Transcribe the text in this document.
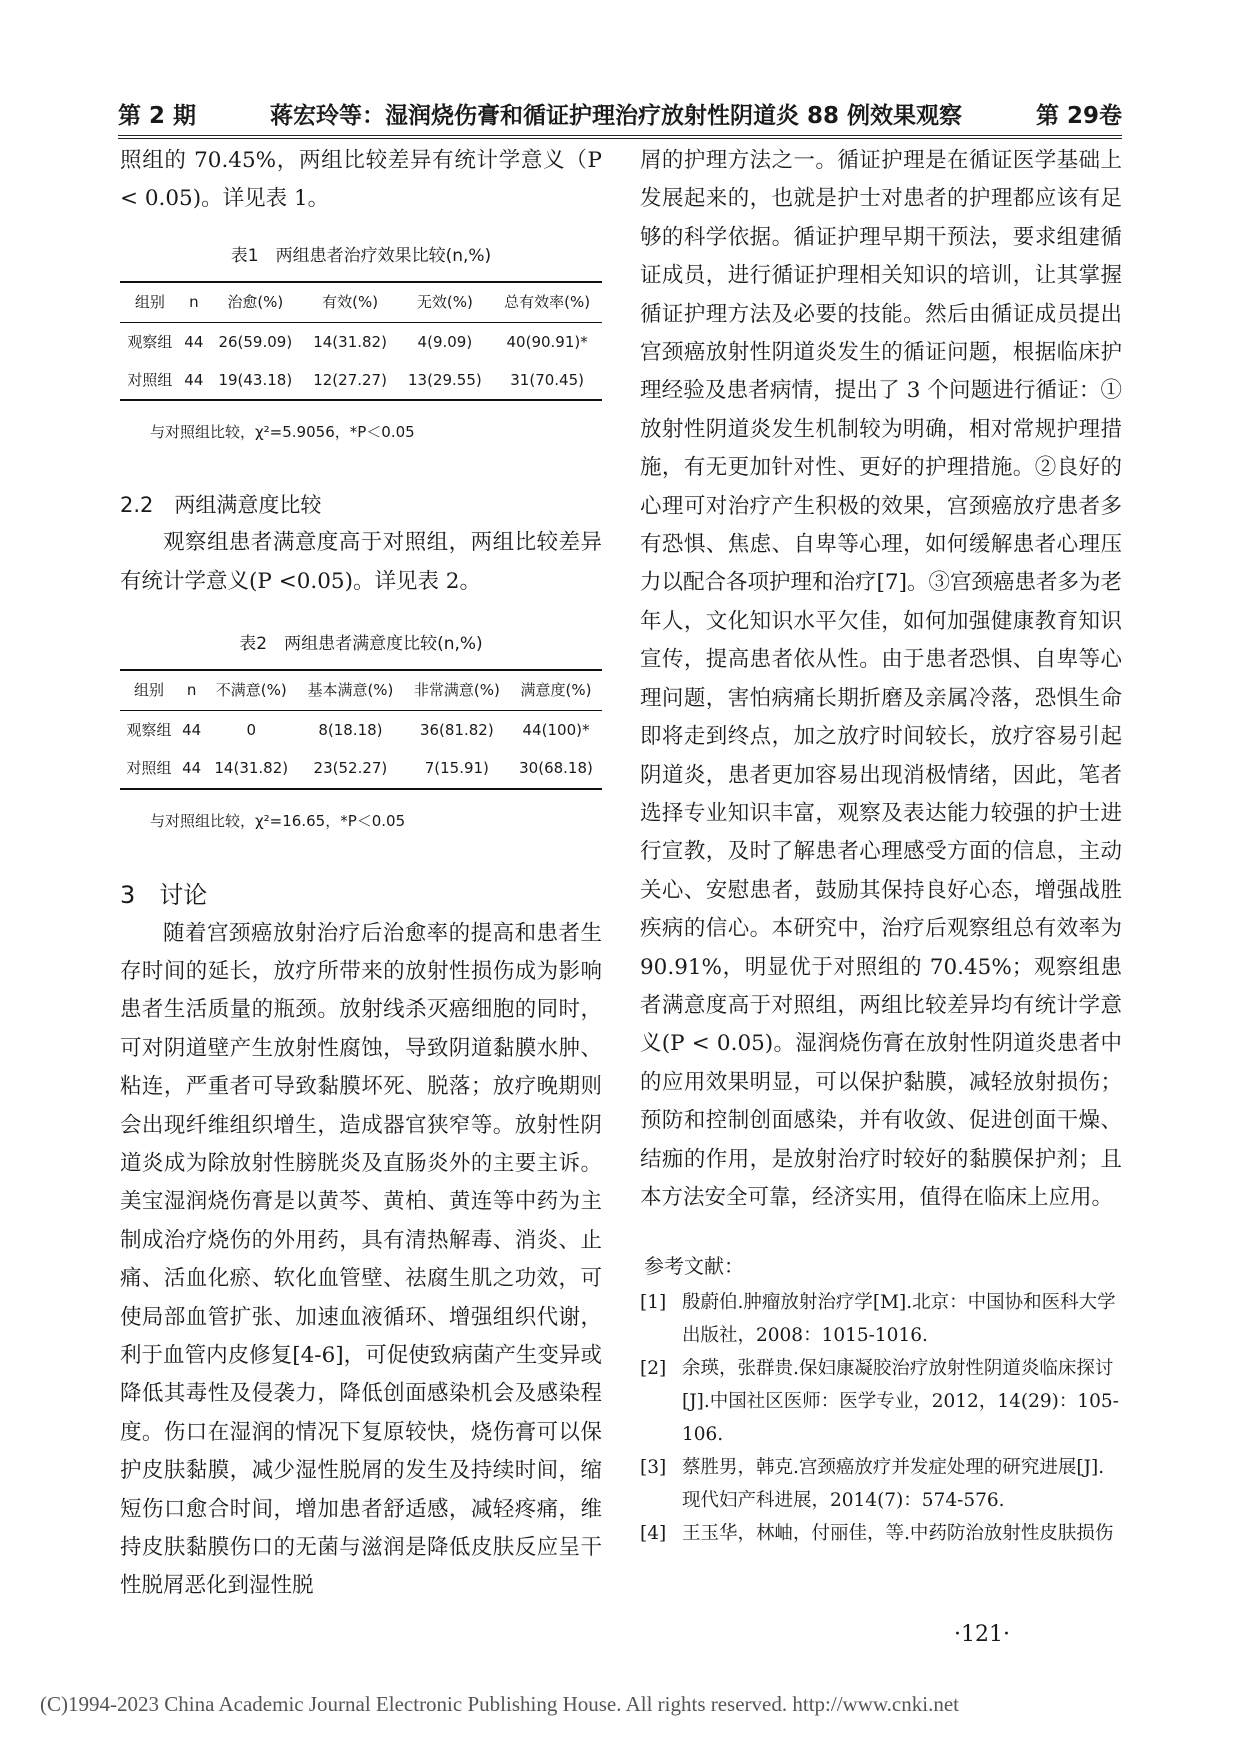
第 2 期	蒋宏玲等：湿润烧伤膏和循证护理治疗放射性阴道炎 88 例效果观察	第 29卷

照组的 70.45%，两组比较差异有统计学意义（P < 0.05)。详见表 1。

表1　两组患者治疗效果比较(n,%)
组别	n	治愈(%)	有效(%)	无效(%)	总有效率(%)
观察组	44	26(59.09)	14(31.82)	4(9.09)	40(90.91)*
对照组	44	19(43.18)	12(27.27)	13(29.55)	31(70.45)
与对照组比较，χ²=5.9056，*P＜0.05
2.2　两组满意度比较

观察组患者满意度高于对照组，两组比较差异有统计学意义(P <0.05)。详见表 2。

表2　两组患者满意度比较(n,%)
组别	n	不满意(%)	基本满意(%)	非常满意(%)	满意度(%)
观察组	44	0	8(18.18)	36(81.82)	44(100)*
对照组	44	14(31.82)	23(52.27)	7(15.91)	30(68.18)
与对照组比较，χ²=16.65，*P＜0.05
3　讨论

随着宫颈癌放射治疗后治愈率的提高和患者生存时间的延长，放疗所带来的放射性损伤成为影响患者生活质量的瓶颈。放射线杀灭癌细胞的同时，可对阴道壁产生放射性腐蚀，导致阴道黏膜水肿、粘连，严重者可导致黏膜坏死、脱落；放疗晚期则会出现纤维组织增生，造成器官狭窄等。放射性阴道炎成为除放射性膀胱炎及直肠炎外的主要主诉。美宝湿润烧伤膏是以黄芩、黄柏、黄连等中药为主制成治疗烧伤的外用药，具有清热解毒、消炎、止痛、活血化瘀、软化血管壁、祛腐生肌之功效，可使局部血管扩张、加速血液循环、增强组织代谢，利于血管内皮修复[4-6]，可促使致病菌产生变异或降低其毒性及侵袭力，降低创面感染机会及感染程度。伤口在湿润的情况下复原较快，烧伤膏可以保护皮肤黏膜，减少湿性脱屑的发生及持续时间，缩短伤口愈合时间，增加患者舒适感，减轻疼痛，维持皮肤黏膜伤口的无菌与滋润是降低皮肤反应呈干性脱屑恶化到湿性脱

屑的护理方法之一。循证护理是在循证医学基础上发展起来的，也就是护士对患者的护理都应该有足够的科学依据。循证护理早期干预法，要求组建循证成员，进行循证护理相关知识的培训，让其掌握循证护理方法及必要的技能。然后由循证成员提出宫颈癌放射性阴道炎发生的循证问题，根据临床护理经验及患者病情，提出了 3 个问题进行循证：①放射性阴道炎发生机制较为明确，相对常规护理措施，有无更加针对性、更好的护理措施。②良好的心理可对治疗产生积极的效果，宫颈癌放疗患者多有恐惧、焦虑、自卑等心理，如何缓解患者心理压力以配合各项护理和治疗[7]。③宫颈癌患者多为老年人，文化知识水平欠佳，如何加强健康教育知识宣传，提高患者依从性。由于患者恐惧、自卑等心理问题，害怕病痛长期折磨及亲属冷落，恐惧生命即将走到终点，加之放疗时间较长，放疗容易引起阴道炎，患者更加容易出现消极情绪，因此，笔者选择专业知识丰富，观察及表达能力较强的护士进行宣教，及时了解患者心理感受方面的信息，主动关心、安慰患者，鼓励其保持良好心态，增强战胜疾病的信心。本研究中，治疗后观察组总有效率为 90.91%，明显优于对照组的 70.45%；观察组患者满意度高于对照组，两组比较差异均有统计学意义(P < 0.05)。湿润烧伤膏在放射性阴道炎患者中的应用效果明显，可以保护黏膜，减轻放射损伤；预防和控制创面感染，并有收敛、促进创面干燥、结痂的作用，是放射治疗时较好的黏膜保护剂；且本方法安全可靠，经济实用，值得在临床上应用。

参考文献：
[1] 殷蔚伯.肿瘤放射治疗学[M].北京：中国协和医科大学出版社，2008：1015-1016.
[2] 余瑛，张群贵.保妇康凝胶治疗放射性阴道炎临床探讨[J].中国社区医师：医学专业，2012，14(29)：105-106.
[3] 蔡胜男，韩克.宫颈癌放疗并发症处理的研究进展[J].现代妇产科进展，2014(7)：574-576.
[4] 王玉华，林岫，付丽佳，等.中药防治放射性皮肤损伤
·121·
(C)1994-2023 China Academic Journal Electronic Publishing House. All rights reserved. http://www.cnki.net
